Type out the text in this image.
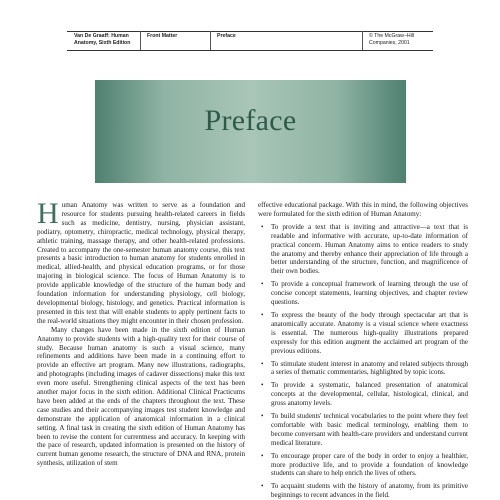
Van De Graaff: Human Anatomy, Sixth Edition
Front Matter	Preface	© The McGraw−Hill Companies, 2001
Preface

Human Anatomy was written to serve as a foundation and resource for students pursuing health-related careers in fields such as medicine, dentistry, nursing, physician assistant, podiatry, optometry, chiropractic, medical technology, physical therapy, athletic training, massage therapy, and other health-related professions. Created to accompany the one-semester human anatomy course, this text presents a basic introduction to human anatomy for students enrolled in medical, allied-health, and physical education programs, or for those majoring in biological science. The focus of Human Anatomy is to provide applicable knowledge of the structure of the human body and foundation information for understanding physiology, cell biology, developmental biology, histology, and genetics. Practical information is presented in this text that will enable students to apply pertinent facts to the real-world situations they might encounter in their chosen profession.

Many changes have been made in the sixth edition of Human Anatomy to provide students with a high-quality text for their course of study. Because human anatomy is such a visual science, many refinements and additions have been made in a continuing effort to provide an effective art program. Many new illustrations, radiographs, and photographs (including images of cadaver dissections) make this text even more useful. Strengthening clinical aspects of the text has been another major focus in the sixth edition. Additional Clinical Practicums have been added at the ends of the chapters throughout the text. These case studies and their accompanying images test student knowledge and demonstrate the application of anatomical information in a clinical setting. A final task in creating the sixth edition of Human Anatomy has been to revise the content for currentness and accuracy. In keeping with the pace of research, updated information is presented on the history of current human genome research, the structure of DNA and RNA, protein synthesis, utilization of stem

effective educational package. With this in mind, the following objectives were formulated for the sixth edition of Human Anatomy:

• To provide a text that is inviting and attractive—a text that is readable and informative with accurate, up-to-date information of practical concern. Human Anatomy aims to entice readers to study the anatomy and thereby enhance their appreciation of life through a better understanding of the structure, function, and magnificence of their own bodies.
• To provide a conceptual framework of learning through the use of concise concept statements, learning objectives, and chapter review questions.
• To express the beauty of the body through spectacular art that is anatomically accurate. Anatomy is a visual science where exactness is essential. The numerous high-quality illustrations prepared expressly for this edition augment the acclaimed art program of the previous editions.
• To stimulate student interest in anatomy and related subjects through a series of thematic commentaries, highlighted by topic icons.
• To provide a systematic, balanced presentation of anatomical concepts at the developmental, cellular, histological, clinical, and gross anatomy levels.
• To build students' technical vocabularies to the point where they feel comfortable with basic medical terminology, enabling them to become conversant with health-care providers and understand current medical literature.
• To encourage proper care of the body in order to enjoy a healthier, more productive life, and to provide a foundation of knowledge students can share to help enrich the lives of others.
• To acquaint students with the history of anatomy, from its primitive beginnings to recent advances in the field.
